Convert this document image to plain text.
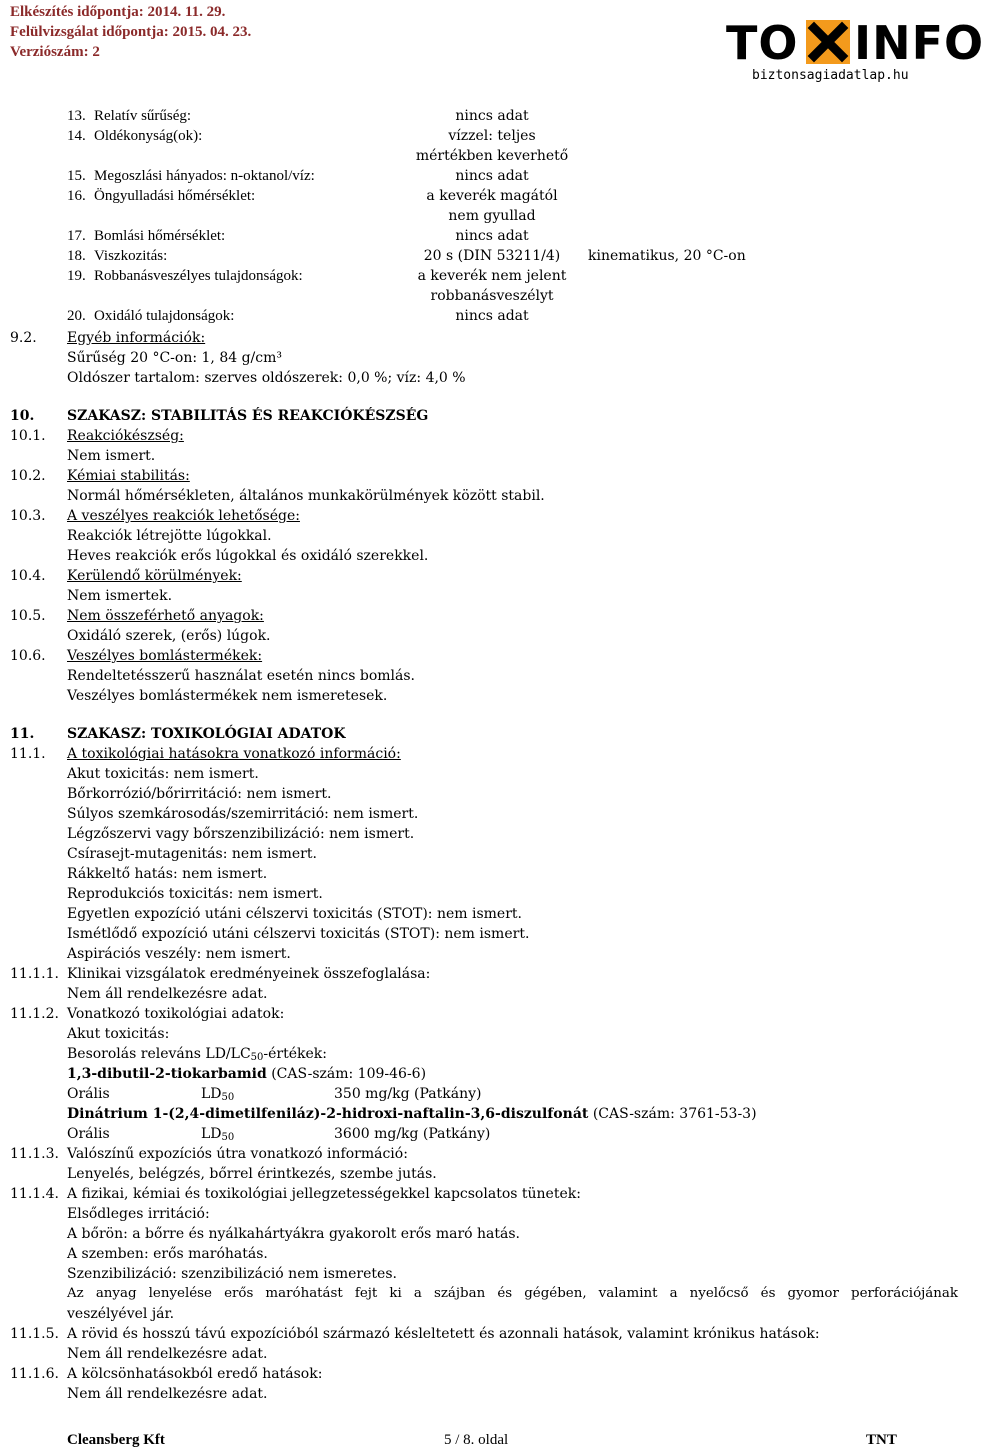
Elkészítés időpontja: 2014. 11. 29.
Felülvizsgálat időpontja: 2015. 04. 23.
Verziószám: 2	TO INFO
biztonsagiadatlap.hu
13. Relatív sűrűség:	nincs adat
14. Oldékonyság(ok):	vízzel: teljes
mértékben keverhető
15. Megoszlási hányados: n-oktanol/víz:	nincs adat
16. Öngyulladási hőmérséklet:	a keverék magától
nem gyullad
17. Bomlási hőmérséklet:	nincs adat
18. Viszkozitás:	20 s (DIN 53211/4)	kinematikus, 20 °C-on
19. Robbanásveszélyes tulajdonságok:	a keverék nem jelent
robbanásveszélyt
20. Oxidáló tulajdonságok:	nincs adat
9.2. Egyéb információk:
Sűrűség 20 °C-on: 1, 84 g/cm³
Oldószer tartalom: szerves oldószerek: 0,0 %; víz: 4,0 %
10. SZAKASZ: STABILITÁS ÉS REAKCIÓKÉSZSÉG
10.1. Reakciókészség:
Nem ismert.
10.2. Kémiai stabilitás:
Normál hőmérsékleten, általános munkakörülmények között stabil.
10.3. A veszélyes reakciók lehetősége:
Reakciók létrejötte lúgokkal.
Heves reakciók erős lúgokkal és oxidáló szerekkel.
10.4. Kerülendő körülmények:
Nem ismertek.
10.5. Nem összeférhető anyagok:
Oxidáló szerek, (erős) lúgok.
10.6. Veszélyes bomlástermékek:
Rendeltetésszerű használat esetén nincs bomlás.
Veszélyes bomlástermékek nem ismeretesek.
11. SZAKASZ: TOXIKOLÓGIAI ADATOK
11.1. A toxikológiai hatásokra vonatkozó információ:
Akut toxicitás: nem ismert.
Bőrkorrózió/bőrirritáció: nem ismert.
Súlyos szemkárosodás/szemirritáció: nem ismert.
Légzőszervi vagy bőrszenzibilizáció: nem ismert.
Csírasejt-mutagenitás: nem ismert.
Rákkeltő hatás: nem ismert.
Reprodukciós toxicitás: nem ismert.
Egyetlen expozíció utáni célszervi toxicitás (STOT): nem ismert.
Ismétlődő expozíció utáni célszervi toxicitás (STOT): nem ismert.
Aspirációs veszély: nem ismert.
11.1.1. Klinikai vizsgálatok eredményeinek összefoglalása:
Nem áll rendelkezésre adat.
11.1.2. Vonatkozó toxikológiai adatok:
Akut toxicitás:
Besorolás releváns LD/LC50-értékek:
1,3-dibutil-2-tiokarbamid (CAS-szám: 109-46-6)
Orális	LD50	350 mg/kg (Patkány)
Dinátrium 1-(2,4-dimetilfeniláz)-2-hidroxi-naftalin-3,6-diszulfonát (CAS-szám: 3761-53-3)
Orális	LD50	3600 mg/kg (Patkány)
11.1.3. Valószínű expozíciós útra vonatkozó információ:
Lenyelés, belégzés, bőrrel érintkezés, szembe jutás.
11.1.4. A fizikai, kémiai és toxikológiai jellegzetességekkel kapcsolatos tünetek:
Elsődleges irritáció:
A bőrön: a bőrre és nyálkahártyákra gyakorolt erős maró hatás.
A szemben: erős maróhatás.
Szenzibilizáció: szenzibilizáció nem ismeretes.
Az anyag lenyelése erős maróhatást fejt ki a szájban és gégében, valamint a nyelőcső és gyomor perforációjának
veszélyével jár.
11.1.5. A rövid és hosszú távú expozícióból származó késleltetett és azonnali hatások, valamint krónikus hatások:
Nem áll rendelkezésre adat.
11.1.6. A kölcsönhatásokból eredő hatások:
Nem áll rendelkezésre adat.
Cleansberg Kft	5 / 8. oldal	TNT
